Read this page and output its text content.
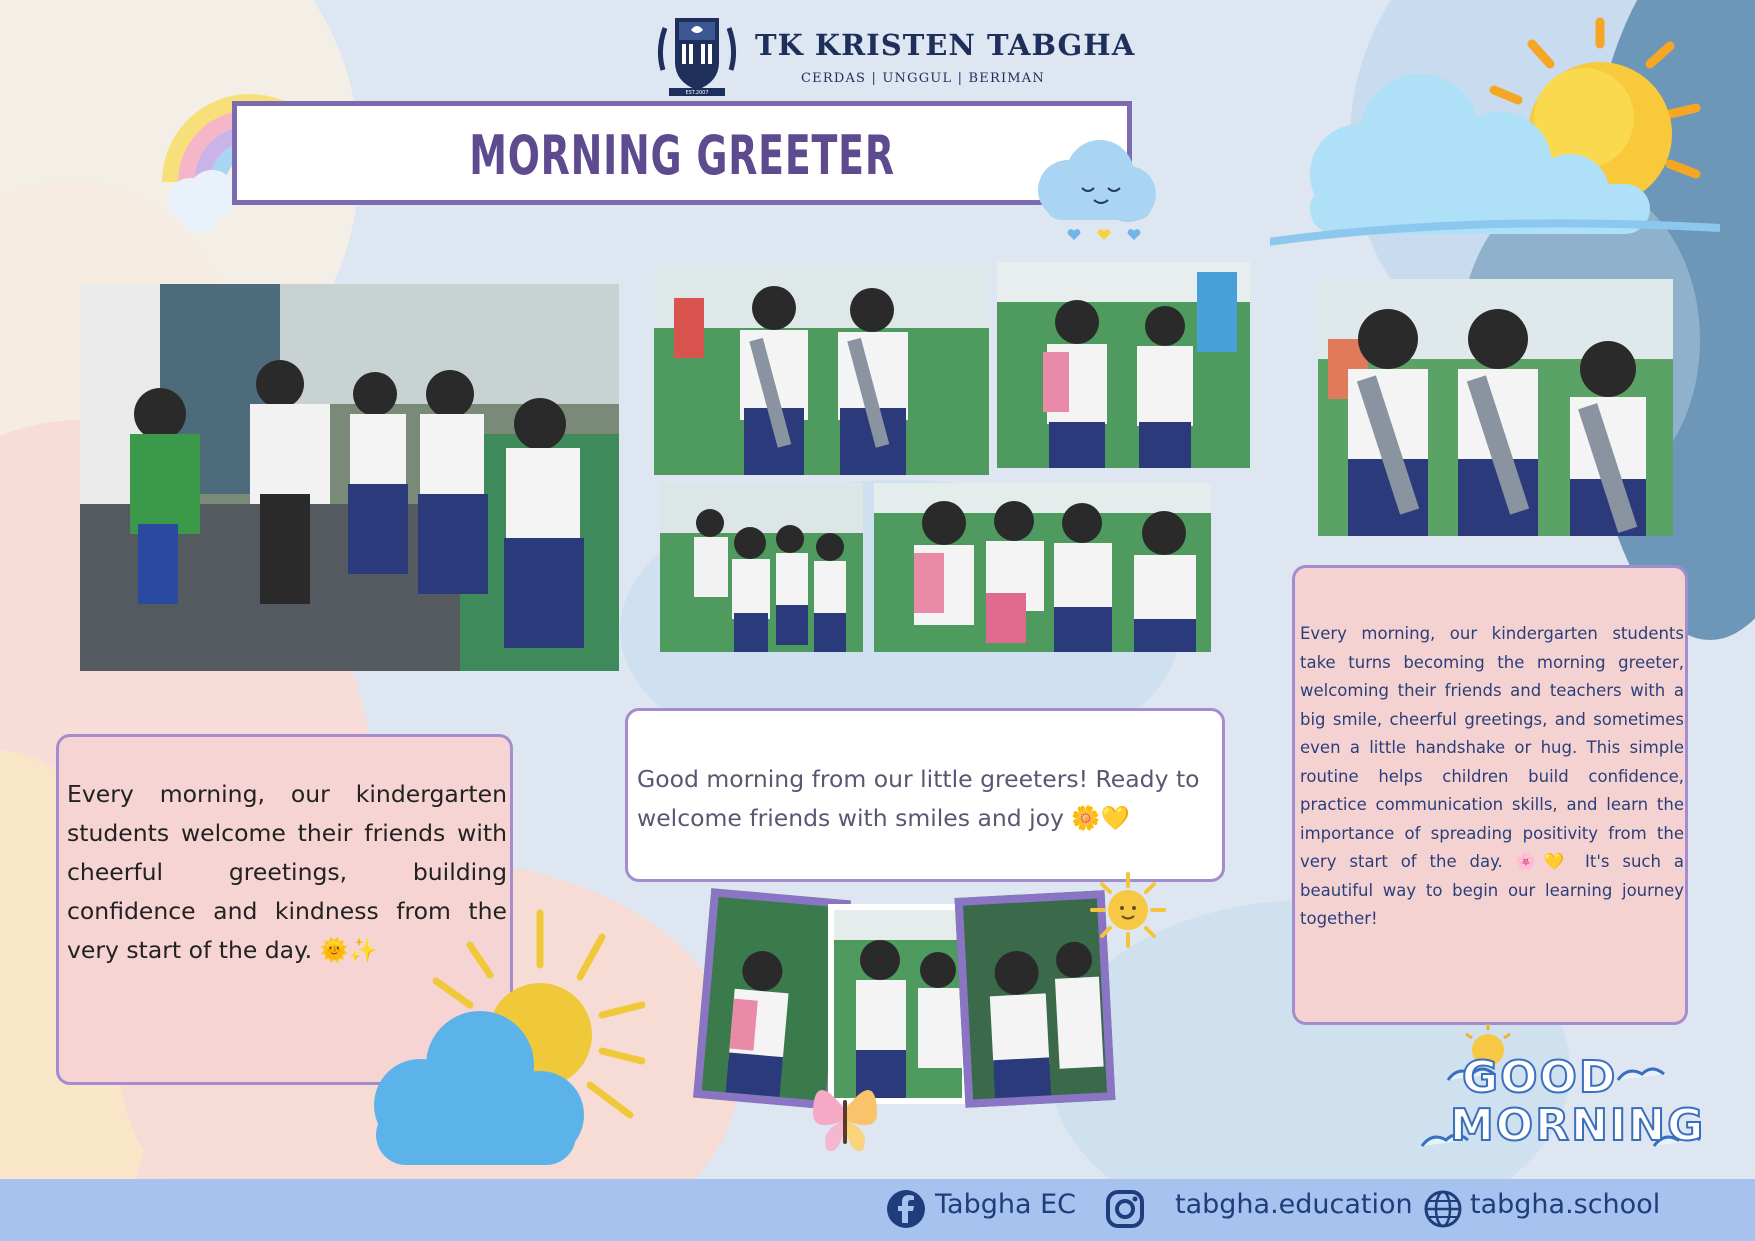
EST.2007
TK KRISTEN TABGHA
CERDAS | UNGGUL | BERIMAN
MORNING GREETER

Every morning, our kindergarten students welcome their friends with cheerful greetings, building confidence and kindness from the very start of the day. 🌞✨

Good morning from our little greeters! Ready to welcome friends with smiles and joy 🌼💛

Every morning, our kindergarten students take turns becoming the morning greeter, welcoming their friends and teachers with a big smile, cheerful greetings, and sometimes even a little handshake or hug. This simple routine helps children build confidence, practice communication skills, and learn the importance of spreading positivity from the very start of the day. 🌸💛 It's such a beautiful way to begin our learning journey together!

GOOD
MORNING
Tabgha EC	tabgha.education tabgha.school
